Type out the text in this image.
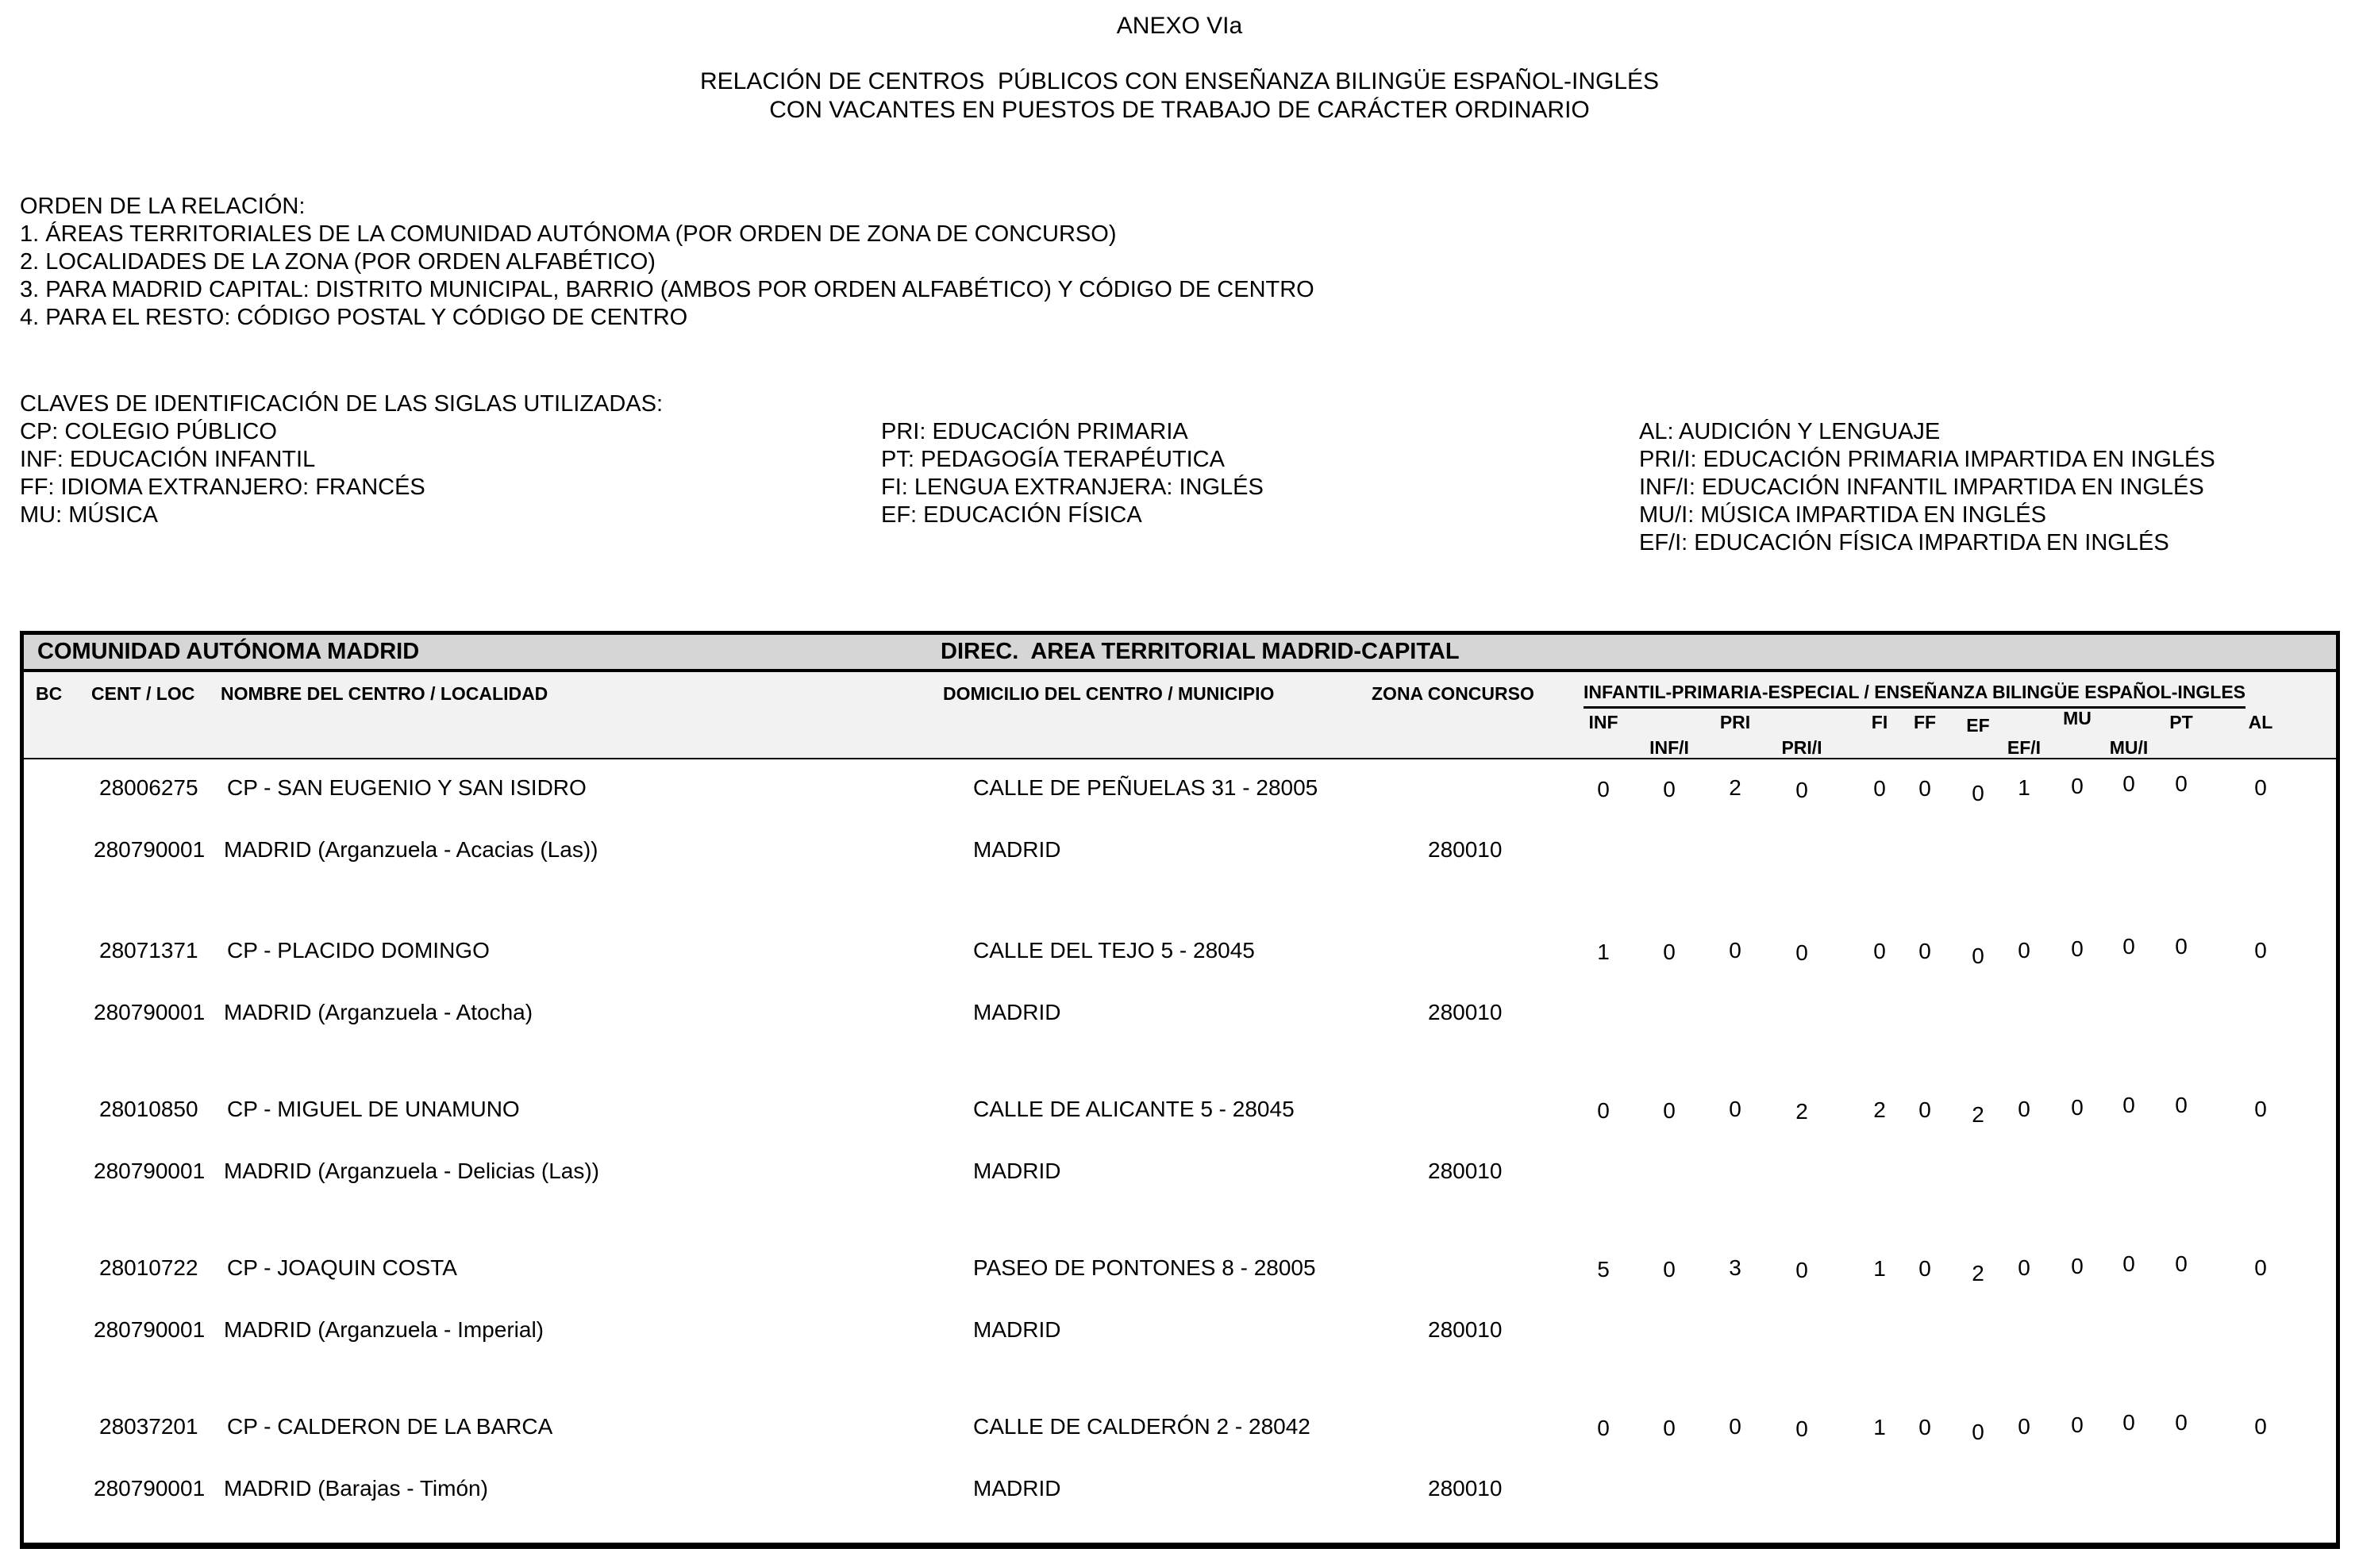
ANEXO VIa
RELACIÓN DE CENTROS  PÚBLICOS CON ENSEÑANZA BILINGÜE ESPAÑOL-INGLÉS
CON VACANTES EN PUESTOS DE TRABAJO DE CARÁCTER ORDINARIO
ORDEN DE LA RELACIÓN:
1. ÁREAS TERRITORIALES DE LA COMUNIDAD AUTÓNOMA (POR ORDEN DE ZONA DE CONCURSO)
2. LOCALIDADES DE LA ZONA (POR ORDEN ALFABÉTICO)
3. PARA MADRID CAPITAL: DISTRITO MUNICIPAL, BARRIO (AMBOS POR ORDEN ALFABÉTICO) Y CÓDIGO DE CENTRO
4. PARA EL RESTO: CÓDIGO POSTAL Y CÓDIGO DE CENTRO
CLAVES DE IDENTIFICACIÓN DE LAS SIGLAS UTILIZADAS:
CP: COLEGIO PÚBLICO
INF: EDUCACIÓN INFANTIL
FF: IDIOMA EXTRANJERO: FRANCÉS
MU: MÚSICA
PRI: EDUCACIÓN PRIMARIA
PT: PEDAGOGÍA TERAPÉUTICA
FI: LENGUA EXTRANJERA: INGLÉS
EF: EDUCACIÓN FÍSICA
AL: AUDICIÓN Y LENGUAJE
PRI/I: EDUCACIÓN PRIMARIA IMPARTIDA EN INGLÉS
INF/I: EDUCACIÓN INFANTIL IMPARTIDA EN INGLÉS
MU/I: MÚSICA IMPARTIDA EN INGLÉS
EF/I: EDUCACIÓN FÍSICA IMPARTIDA EN INGLÉS
COMUNIDAD AUTÓNOMA MADRID	DIREC.  AREA TERRITORIAL MADRID-CAPITAL
BC CENT / LOC NOMBRE DEL CENTRO / LOCALIDAD	DOMICILIO DEL CENTRO / MUNICIPIO	ZONA CONCURSO	INFANTIL-PRIMARIA-ESPECIAL / ENSEÑANZA BILINGÜE ESPAÑOL-INGLES
INF
INF/I
PRI
PRI/I
FI	FF	EF
EF/I
MU
MU/I
PT	AL
28006275 CP - SAN EUGENIO Y SAN ISIDRO	CALLE DE PEÑUELAS 31 - 28005	0	0	2	0	0	0	0	1	0	0	0	0
280790001 MADRID (Arganzuela - Acacias (Las))	MADRID	280010
28071371 CP - PLACIDO DOMINGO	CALLE DEL TEJO 5 - 28045	1	0	0	0	0	0	0	0	0	0	0	0
280790001 MADRID (Arganzuela - Atocha)	MADRID	280010
28010850 CP - MIGUEL DE UNAMUNO	CALLE DE ALICANTE 5 - 28045	0	0	0	2	2	0	2	0	0	0	0	0
280790001 MADRID (Arganzuela - Delicias (Las))	MADRID	280010
28010722 CP - JOAQUIN COSTA	PASEO DE PONTONES 8 - 28005	5	0	3	0	1	0	2	0	0	0	0	0
280790001 MADRID (Arganzuela - Imperial)	MADRID	280010
28037201 CP - CALDERON DE LA BARCA	CALLE DE CALDERÓN 2 - 28042	0	0	0	0	1	0	0	0	0	0	0	0
280790001 MADRID (Barajas - Timón)	MADRID	280010
